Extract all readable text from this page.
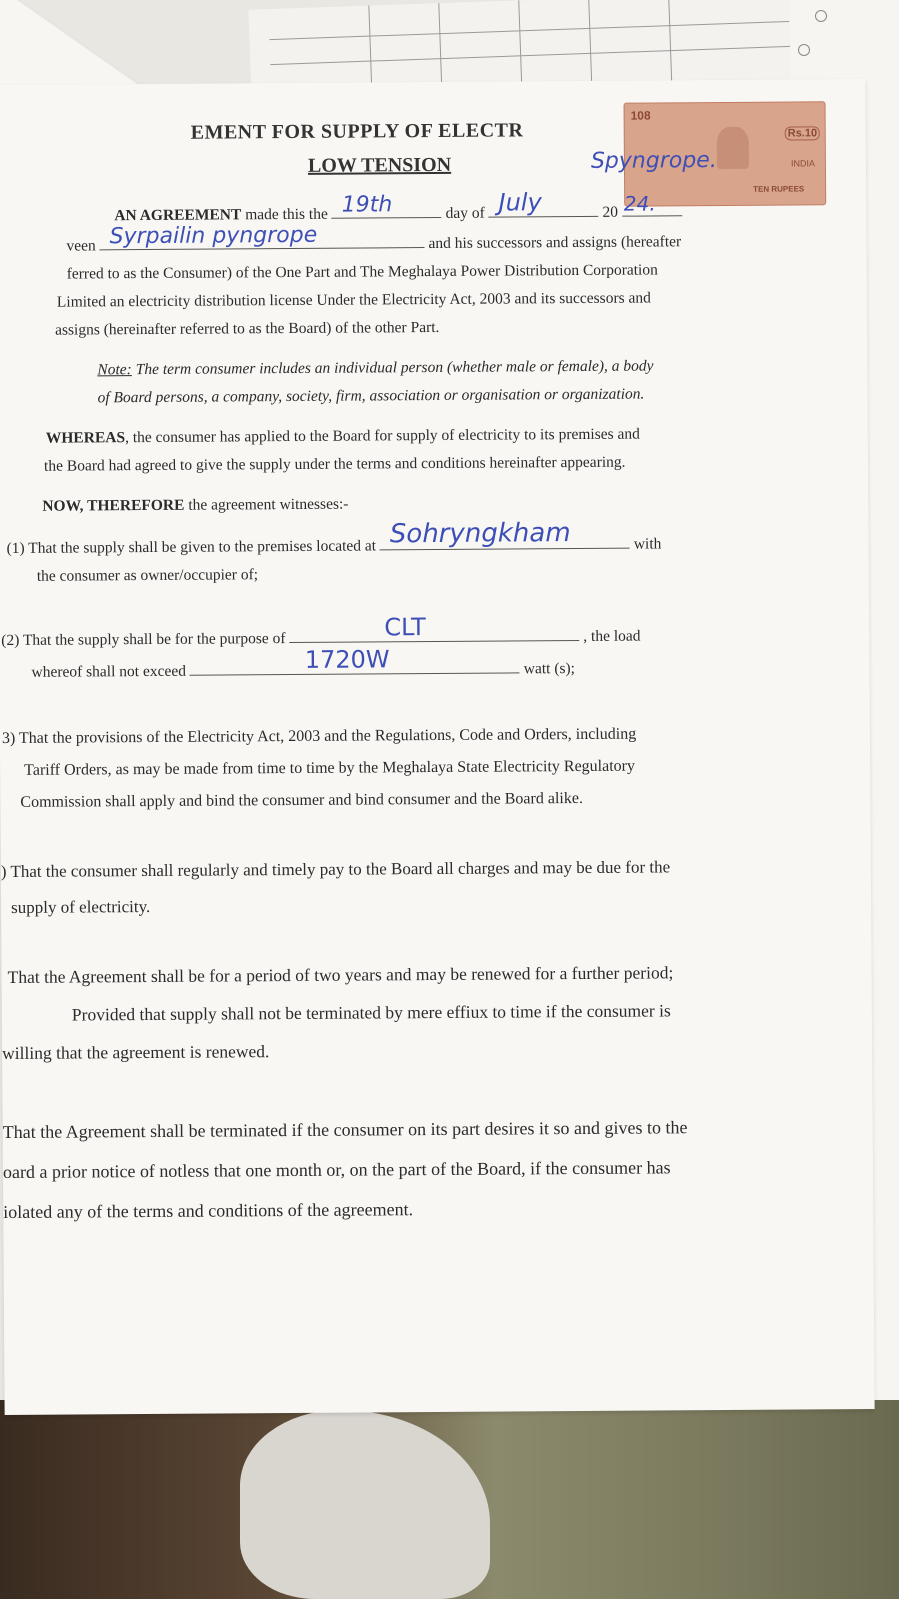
EMENT FOR SUPPLY OF ELECTR
LOW TENSION
108
Rs.10
INDIA
TEN RUPEES
Spyngrope.
AN AGREEMENT made this the 19th	day of July	20 24.
veen Syrpailin pyngrope	and his successors and assigns (hereafter
ferred to as the Consumer) of the One Part and The Meghalaya Power Distribution Corporation
Limited an electricity distribution license Under the Electricity Act, 2003 and its successors and
assigns (hereinafter referred to as the Board) of the other Part.
Note: The term consumer includes an individual person (whether male or female), a body
of Board persons, a company, society, firm, association or organisation or organization.
WHEREAS, the consumer has applied to the Board for supply of electricity to its premises and
the Board had agreed to give the supply under the terms and conditions hereinafter appearing.
NOW, THEREFORE the agreement witnesses:-
(1) That the supply shall be given to the premises located at Sohryngkham	with
the consumer as owner/occupier of;
(2) That the supply shall be for the purpose of	CLT	, the load
whereof shall not exceed	1720W	watt (s);
3) That the provisions of the Electricity Act, 2003 and the Regulations, Code and Orders, including
Tariff Orders, as may be made from time to time by the Meghalaya State Electricity Regulatory
Commission shall apply and bind the consumer and bind consumer and the Board alike.
) That the consumer shall regularly and timely pay to the Board all charges and may be due for the
supply of electricity.
That the Agreement shall be for a period of two years and may be renewed for a further period;
Provided that supply shall not be terminated by mere effiux to time if the consumer is
willing that the agreement is renewed.
That the Agreement shall be terminated if the consumer on its part desires it so and gives to the
oard a prior notice of notless that one month or, on the part of the Board, if the consumer has
iolated any of the terms and conditions of the agreement.
